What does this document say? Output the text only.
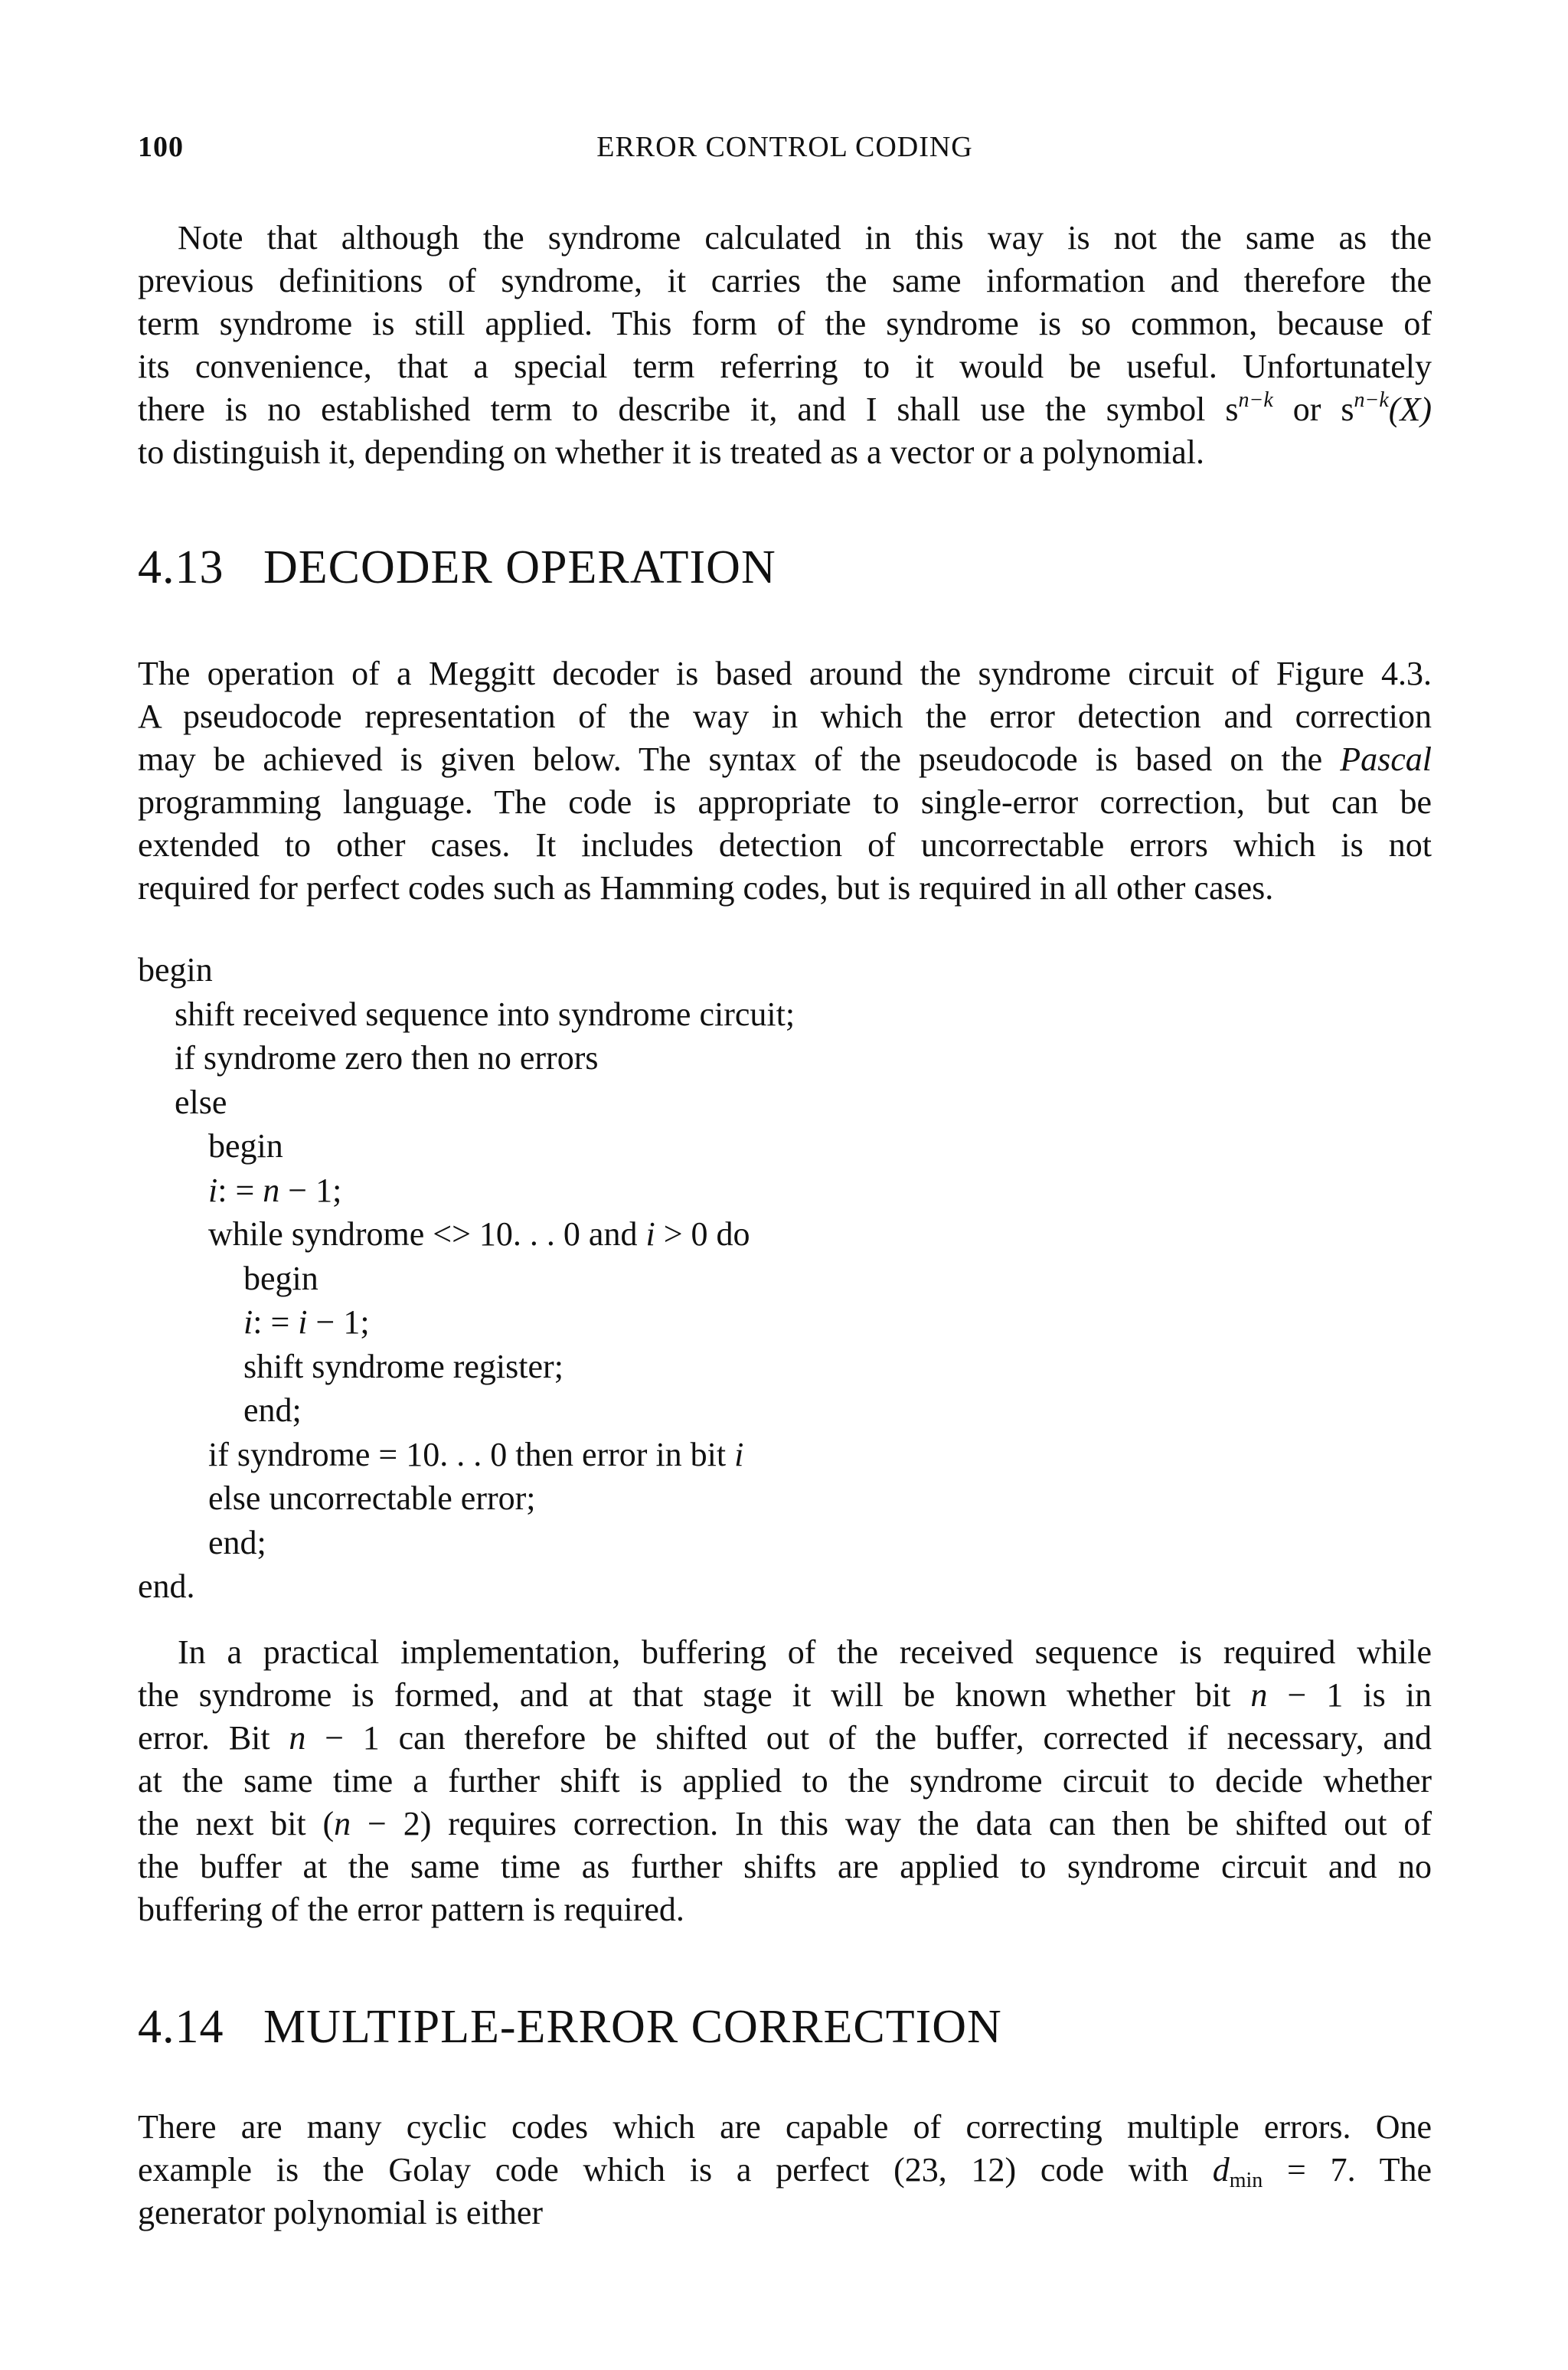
100	ERROR CONTROL CODING
Note that although the syndrome calculated in this way is not the same as the
previous definitions of syndrome, it carries the same information and therefore the
term syndrome is still applied. This form of the syndrome is so common, because of
its convenience, that a special term referring to it would be useful. Unfortunately
there is no established term to describe it, and I shall use the symbol $s^{n-k}$ or $s^{n-k}(X)$
to distinguish it, depending on whether it is treated as a vector or a polynomial.
4.13 DECODER OPERATION
The operation of a Meggitt decoder is based around the syndrome circuit of Figure 4.3.
A pseudocode representation of the way in which the error detection and correction
may be achieved is given below. The syntax of the pseudocode is based on the Pascal
programming language. The code is appropriate to single-error correction, but can be
extended to other cases. It includes detection of uncorrectable errors which is not
required for perfect codes such as Hamming codes, but is required in all other cases.
begin
shift received sequence into syndrome circuit;
if syndrome zero then no errors
else
begin
i: = n − 1;
while syndrome <> 10. . . 0 and i > 0 do
begin
i: = i − 1;
shift syndrome register;
end;
if syndrome = 10. . . 0 then error in bit i
else uncorrectable error;
end;
end.
In a practical implementation, buffering of the received sequence is required while
the syndrome is formed, and at that stage it will be known whether bit n − 1 is in
error. Bit n − 1 can therefore be shifted out of the buffer, corrected if necessary, and
at the same time a further shift is applied to the syndrome circuit to decide whether
the next bit (n − 2) requires correction. In this way the data can then be shifted out of
the buffer at the same time as further shifts are applied to syndrome circuit and no
buffering of the error pattern is required.
4.14 MULTIPLE-ERROR CORRECTION
There are many cyclic codes which are capable of correcting multiple errors. One
example is the Golay code which is a perfect (23, 12) code with $d_{min} = 7$. The
generator polynomial is either
